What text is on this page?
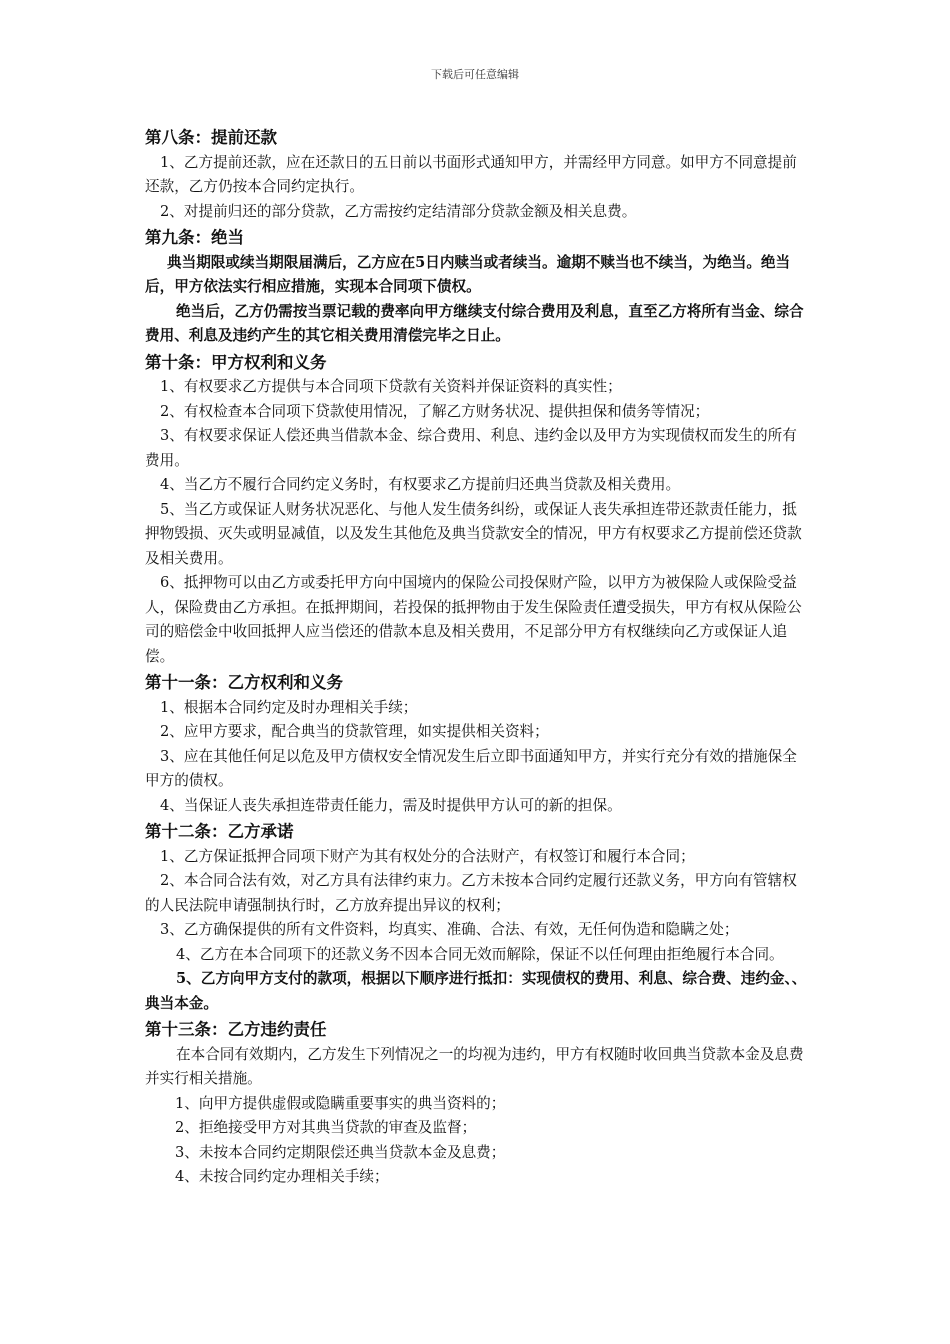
下载后可任意编辑
第八条：提前还款

1、乙方提前还款，应在还款日的五日前以书面形式通知甲方，并需经甲方同意。如甲方不同意提前还款，乙方仍按本合同约定执行。

2、对提前归还的部分贷款，乙方需按约定结清部分贷款金额及相关息费。

第九条：绝当

典当期限或续当期限届满后，乙方应在5日内赎当或者续当。逾期不赎当也不续当，为绝当。绝当后，甲方依法实行相应措施，实现本合同项下债权。

绝当后，乙方仍需按当票记载的费率向甲方继续支付综合费用及利息，直至乙方将所有当金、综合费用、利息及违约产生的其它相关费用清偿完毕之日止。

第十条：甲方权利和义务

1、有权要求乙方提供与本合同项下贷款有关资料并保证资料的真实性；

2、有权检查本合同项下贷款使用情况，了解乙方财务状况、提供担保和债务等情况；

3、有权要求保证人偿还典当借款本金、综合费用、利息、违约金以及甲方为实现债权而发生的所有费用。

4、当乙方不履行合同约定义务时，有权要求乙方提前归还典当贷款及相关费用。

5、当乙方或保证人财务状况恶化、与他人发生债务纠纷，或保证人丧失承担连带还款责任能力，抵押物毁损、灭失或明显减值，以及发生其他危及典当贷款安全的情况，甲方有权要求乙方提前偿还贷款及相关费用。

6、抵押物可以由乙方或委托甲方向中国境内的保险公司投保财产险，以甲方为被保险人或保险受益人，保险费由乙方承担。在抵押期间，若投保的抵押物由于发生保险责任遭受损失，甲方有权从保险公司的赔偿金中收回抵押人应当偿还的借款本息及相关费用，不足部分甲方有权继续向乙方或保证人追偿。

第十一条：乙方权利和义务

1、根据本合同约定及时办理相关手续；

2、应甲方要求，配合典当的贷款管理，如实提供相关资料；

3、应在其他任何足以危及甲方债权安全情况发生后立即书面通知甲方，并实行充分有效的措施保全甲方的债权。

4、当保证人丧失承担连带责任能力，需及时提供甲方认可的新的担保。

第十二条：乙方承诺

1、乙方保证抵押合同项下财产为其有权处分的合法财产，有权签订和履行本合同；

2、本合同合法有效，对乙方具有法律约束力。乙方未按本合同约定履行还款义务，甲方向有管辖权的人民法院申请强制执行时，乙方放弃提出异议的权利；

3、乙方确保提供的所有文件资料，均真实、准确、合法、有效，无任何伪造和隐瞒之处；

4、乙方在本合同项下的还款义务不因本合同无效而解除，保证不以任何理由拒绝履行本合同。

5、乙方向甲方支付的款项，根据以下顺序进行抵扣：实现债权的费用、利息、综合费、违约金、、典当本金。

第十三条：乙方违约责任

在本合同有效期内，乙方发生下列情况之一的均视为违约，甲方有权随时收回典当贷款本金及息费并实行相关措施。

1、向甲方提供虚假或隐瞒重要事实的典当资料的；

2、拒绝接受甲方对其典当贷款的审查及监督；

3、未按本合同约定期限偿还典当贷款本金及息费；

4、未按合同约定办理相关手续；
